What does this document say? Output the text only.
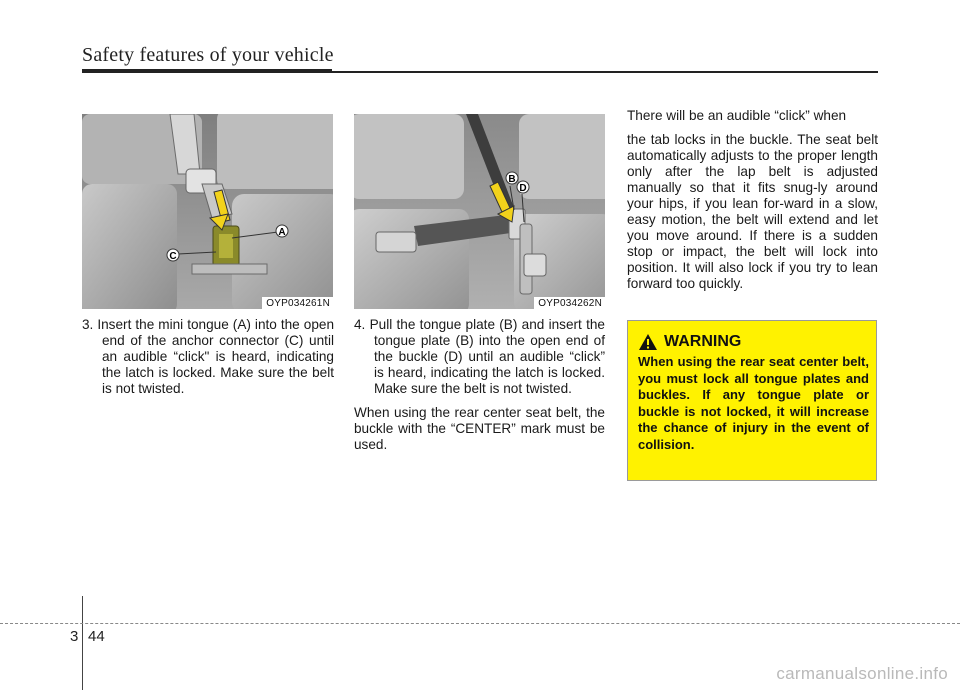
Safety features of your vehicle
A
C
OYP034261N
B
D
OYP034262N
3. Insert the mini tongue (A) into the open end of the anchor connector (C) until an audible “click" is heard, indicating the latch is locked. Make sure the belt is not twisted.
4. Pull the tongue plate (B) and insert the tongue plate (B) into the open end of the buckle (D) until an audible “click” is heard, indicating the latch is locked. Make sure the belt is not twisted.
When using the rear center seat belt, the buckle with the “CENTER” mark must be used.
There will be an audible “click” when
the tab locks in the buckle. The seat belt automatically adjusts to the proper length only after the lap belt is adjusted manually so that it fits snug-ly around your hips, if you lean for-ward in a slow, easy motion, the belt will extend and let you move around. If there is a sudden stop or impact, the belt will lock into position. It will also lock if you try to lean forward too quickly.
WARNING
When using the rear seat center belt, you must lock all tongue plates and buckles. If any tongue plate or buckle is not locked, it will increase the chance of injury in the event of collision.
3 44
carmanualsonline.info
